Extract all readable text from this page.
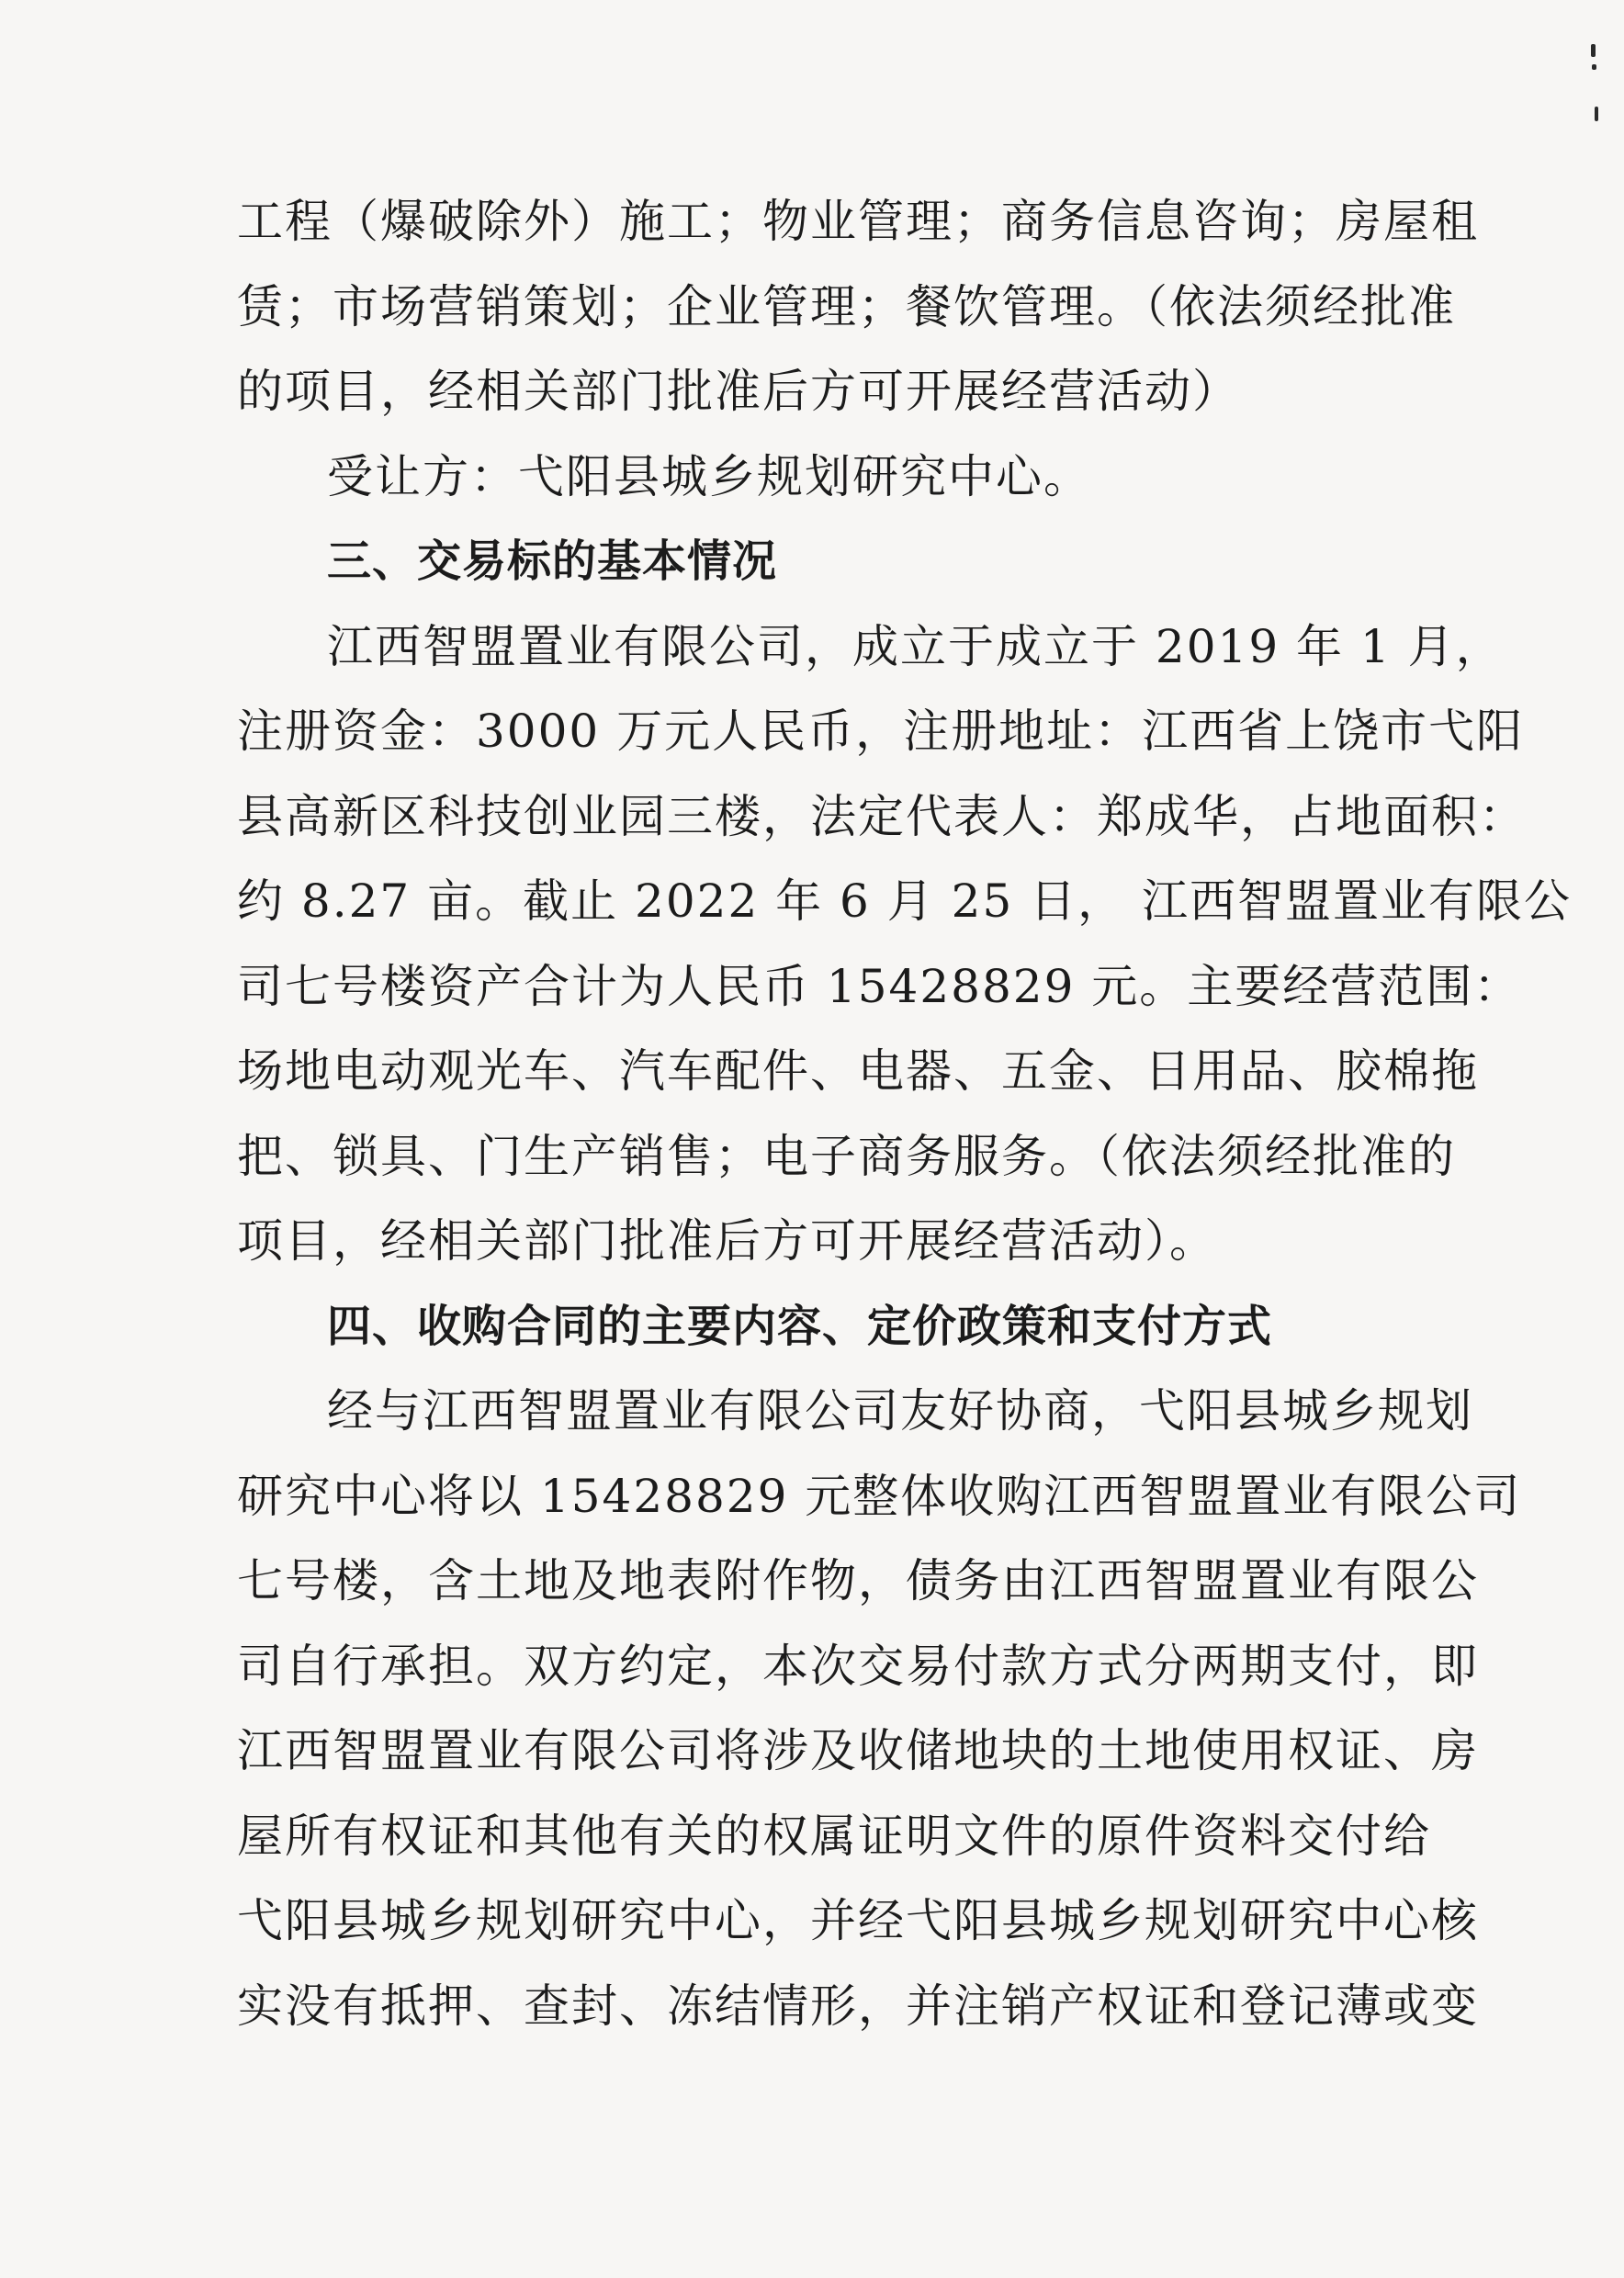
工程（爆破除外）施工；物业管理；商务信息咨询；房屋租
赁；市场营销策划；企业管理；餐饮管理。（依法须经批准
的项目，经相关部门批准后方可开展经营活动）
受让方：弋阳县城乡规划研究中心。
三、交易标的基本情况
江西智盟置业有限公司，成立于成立于 2019 年 1 月，
注册资金：3000 万元人民币，注册地址：江西省上饶市弋阳
县高新区科技创业园三楼，法定代表人：郑成华，占地面积：
约 8.27 亩。截止 2022 年 6 月 25 日， 江西智盟置业有限公
司七号楼资产合计为人民币 15428829 元。主要经营范围：
场地电动观光车、汽车配件、电器、五金、日用品、胶棉拖
把、锁具、门生产销售；电子商务服务。（依法须经批准的
项目，经相关部门批准后方可开展经营活动）。
四、收购合同的主要内容、定价政策和支付方式
经与江西智盟置业有限公司友好协商，弋阳县城乡规划
研究中心将以 15428829 元整体收购江西智盟置业有限公司
七号楼，含土地及地表附作物，债务由江西智盟置业有限公
司自行承担。双方约定，本次交易付款方式分两期支付，即
江西智盟置业有限公司将涉及收储地块的土地使用权证、房
屋所有权证和其他有关的权属证明文件的原件资料交付给
弋阳县城乡规划研究中心，并经弋阳县城乡规划研究中心核
实没有抵押、查封、冻结情形，并注销产权证和登记薄或变
